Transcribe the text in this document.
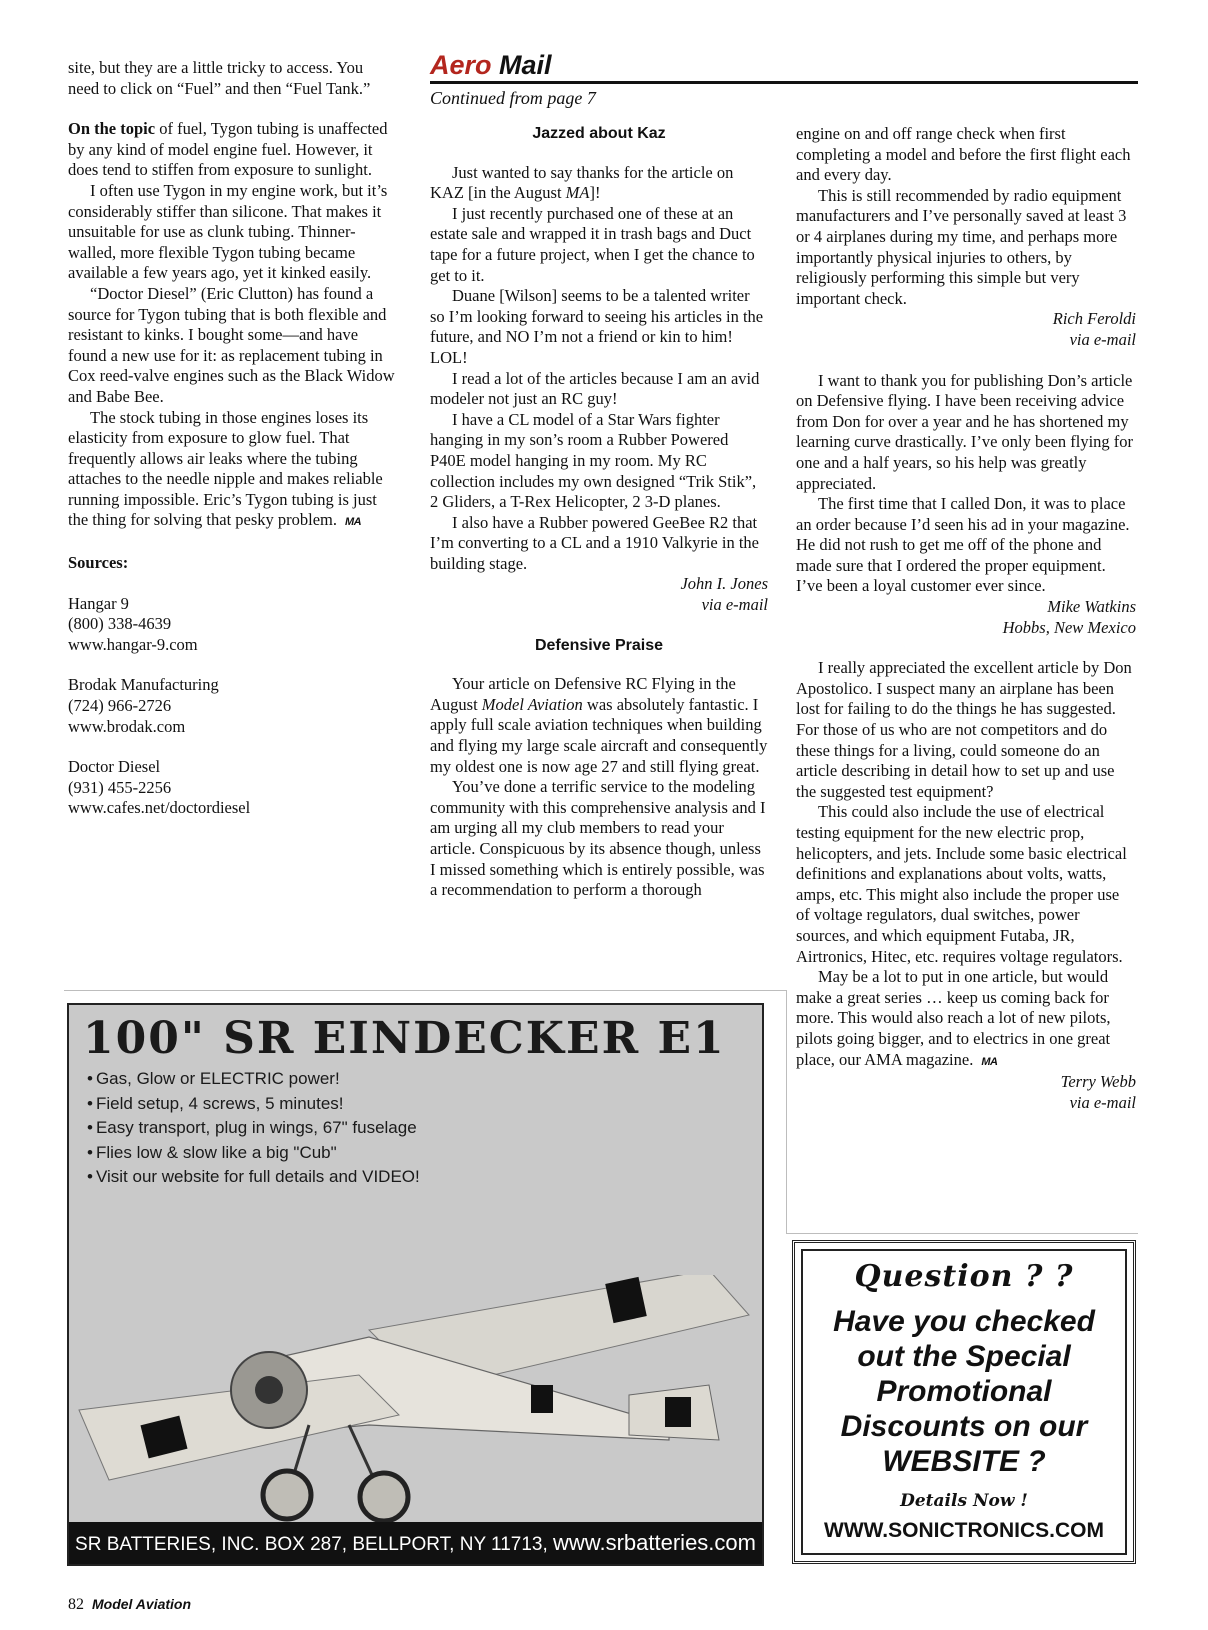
site, but they are a little tricky to access. You need to click on “Fuel” and then “Fuel Tank.”

On the topic of fuel, Tygon tubing is unaffected by any kind of model engine fuel. However, it does tend to stiffen from exposure to sunlight.

I often use Tygon in my engine work, but it’s considerably stiffer than silicone. That makes it unsuitable for use as clunk tubing. Thinner-walled, more flexible Tygon tubing became available a few years ago, yet it kinked easily.

“Doctor Diesel” (Eric Clutton) has found a source for Tygon tubing that is both flexible and resistant to kinks. I bought some—and have found a new use for it: as replacement tubing in Cox reed-valve engines such as the Black Widow and Babe Bee.

The stock tubing in those engines loses its elasticity from exposure to glow fuel. That frequently allows air leaks where the tubing attaches to the needle nipple and makes reliable running impossible. Eric’s Tygon tubing is just the thing for solving that pesky problem. MA

Sources:

Hangar 9
(800) 338-4639
www.hangar-9.com
Brodak Manufacturing
(724) 966-2726
www.brodak.com
Doctor Diesel
(931) 455-2256
www.cafes.net/doctordiesel
Aero Mail
Continued from page 7
Jazzed about Kaz

Just wanted to say thanks for the article on KAZ [in the August MA]!

I just recently purchased one of these at an estate sale and wrapped it in trash bags and Duct tape for a future project, when I get the chance to get to it.

Duane [Wilson] seems to be a talented writer so I’m looking forward to seeing his articles in the future, and NO I’m not a friend or kin to him! LOL!

I read a lot of the articles because I am an avid modeler not just an RC guy!

I have a CL model of a Star Wars fighter hanging in my son’s room a Rubber Powered P40E model hanging in my room. My RC collection includes my own designed “Trik Stik”, 2 Gliders, a T-Rex Helicopter, 2 3-D planes.

I also have a Rubber powered GeeBee R2 that I’m converting to a CL and a 1910 Valkyrie in the building stage.

John I. Jones
via e-mail
Defensive Praise

Your article on Defensive RC Flying in the August Model Aviation was absolutely fantastic. I apply full scale aviation techniques when building and flying my large scale aircraft and consequently my oldest one is now age 27 and still flying great.

You’ve done a terrific service to the modeling community with this comprehensive analysis and I am urging all my club members to read your article. Conspicuous by its absence though, unless I missed something which is entirely possible, was a recommendation to perform a thorough

engine on and off range check when first completing a model and before the first flight each and every day.

This is still recommended by radio equipment manufacturers and I’ve personally saved at least 3 or 4 airplanes during my time, and perhaps more importantly physical injuries to others, by religiously performing this simple but very important check.

Rich Feroldi
via e-mail

I want to thank you for publishing Don’s article on Defensive flying. I have been receiving advice from Don for over a year and he has shortened my learning curve drastically. I’ve only been flying for one and a half years, so his help was greatly appreciated.

The first time that I called Don, it was to place an order because I’d seen his ad in your magazine. He did not rush to get me off of the phone and made sure that I ordered the proper equipment. I’ve been a loyal customer ever since.

Mike Watkins
Hobbs, New Mexico

I really appreciated the excellent article by Don Apostolico. I suspect many an airplane has been lost for failing to do the things he has suggested. For those of us who are not competitors and do these things for a living, could someone do an article describing in detail how to set up and use the suggested test equipment?

This could also include the use of electrical testing equipment for the new electric prop, helicopters, and jets. Include some basic electrical definitions and explanations about volts, watts, amps, etc. This might also include the proper use of voltage regulators, dual switches, power sources, and which equipment Futaba, JR, Airtronics, Hitec, etc. requires voltage regulators.

May be a lot to put in one article, but would make a great series … keep us coming back for more. This would also reach a lot of new pilots, pilots going bigger, and to electrics in one great place, our AMA magazine. MA

Terry Webb
via e-mail
100" SR EINDECKER E1
• Gas, Glow or ELECTRIC power!
• Field setup, 4 screws, 5 minutes!
• Easy transport, plug in wings, 67" fuselage
• Flies low & slow like a big "Cub"
• Visit our website for full details and VIDEO!
SR BATTERIES, INC. BOX 287, BELLPORT, NY 11713, www.srbatteries.com
Question ? ?
Have you checked
out the Special
Promotional
Discounts on our
WEBSITE ?
Details Now !
WWW.SONICTRONICS.COM
82 Model Aviation
